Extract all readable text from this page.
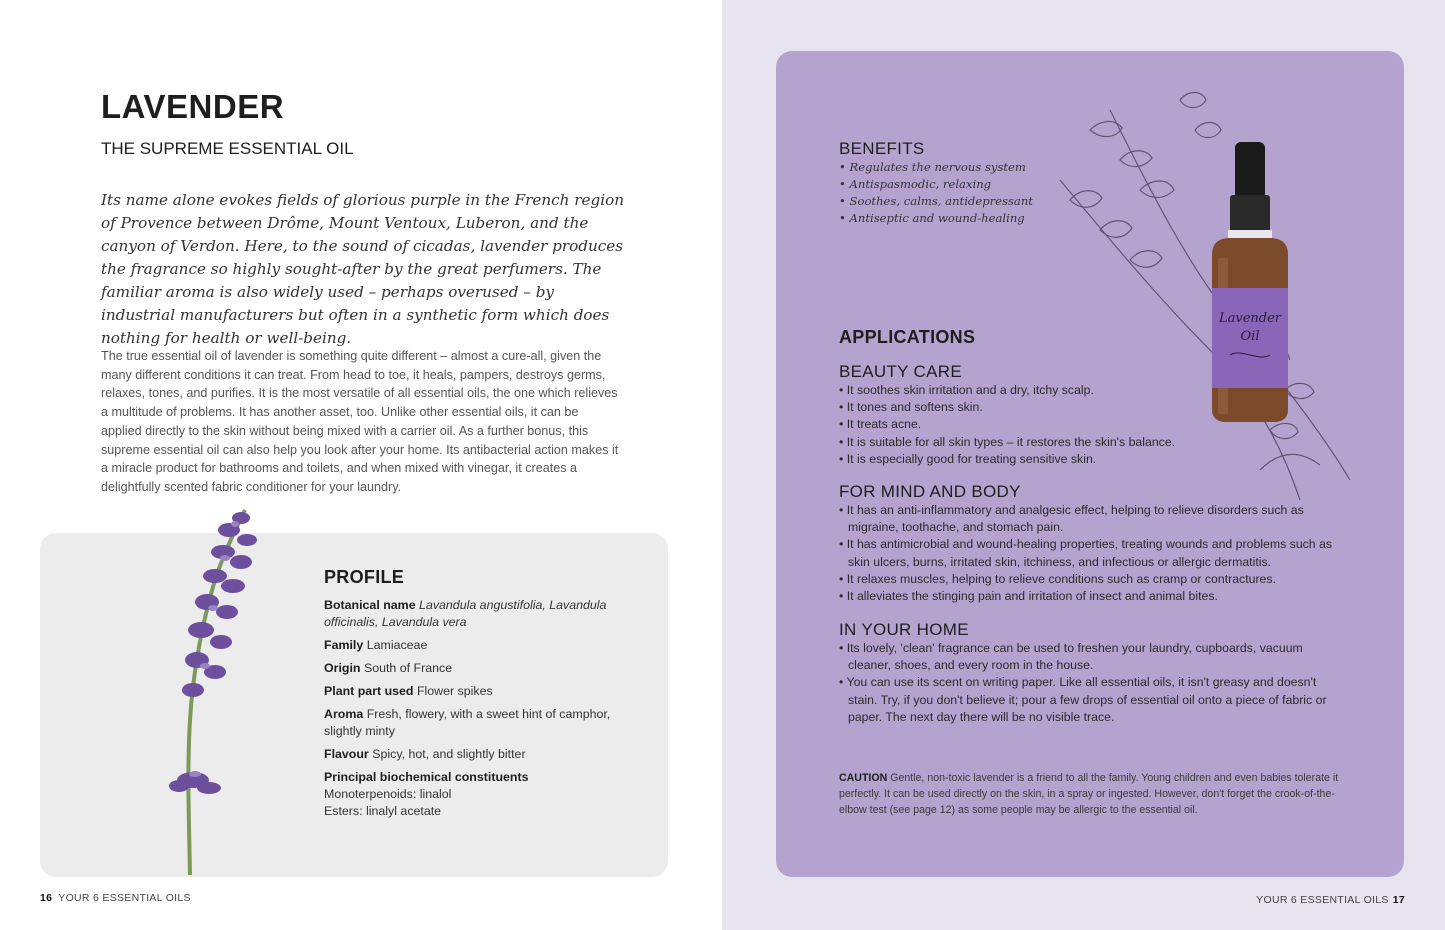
LAVENDER
THE SUPREME ESSENTIAL OIL
Its name alone evokes fields of glorious purple in the French region of Provence between Drôme, Mount Ventoux, Luberon, and the canyon of Verdon. Here, to the sound of cicadas, lavender produces the fragrance so highly sought-after by the great perfumers. The familiar aroma is also widely used – perhaps overused – by industrial manufacturers but often in a synthetic form which does nothing for health or well-being.
The true essential oil of lavender is something quite different – almost a cure-all, given the many different conditions it can treat. From head to toe, it heals, pampers, destroys germs, relaxes, tones, and purifies. It is the most versatile of all essential oils, the one which relieves a multitude of problems. It has another asset, too. Unlike other essential oils, it can be applied directly to the skin without being mixed with a carrier oil. As a further bonus, this supreme essential oil can also help you look after your home. Its antibacterial action makes it a miracle product for bathrooms and toilets, and when mixed with vinegar, it creates a delightfully scented fabric conditioner for your laundry.
PROFILE
Botanical name Lavandula angustifolia, Lavandula officinalis, Lavandula vera
Family Lamiaceae
Origin South of France
Plant part used Flower spikes
Aroma Fresh, flowery, with a sweet hint of camphor, slightly minty
Flavour Spicy, hot, and slightly bitter
Principal biochemical constituents
Monoterpenoids: linalol
Esters: linalyl acetate
16 YOUR 6 ESSENTIAL OILS
Lavender
Oil
BENEFITS
• Regulates the nervous system
• Antispasmodic, relaxing
• Soothes, calms, antidepressant
• Antiseptic and wound-healing
APPLICATIONS
BEAUTY CARE
• It soothes skin irritation and a dry, itchy scalp.
• It tones and softens skin.
• It treats acne.
• It is suitable for all skin types – it restores the skin's balance.
• It is especially good for treating sensitive skin.
FOR MIND AND BODY
• It has an anti-inflammatory and analgesic effect, helping to relieve disorders such as migraine, toothache, and stomach pain.
• It has antimicrobial and wound-healing properties, treating wounds and problems such as skin ulcers, burns, irritated skin, itchiness, and infectious or allergic dermatitis.
• It relaxes muscles, helping to relieve conditions such as cramp or contractures.
• It alleviates the stinging pain and irritation of insect and animal bites.
IN YOUR HOME
• Its lovely, 'clean' fragrance can be used to freshen your laundry, cupboards, vacuum cleaner, shoes, and every room in the house.
• You can use its scent on writing paper. Like all essential oils, it isn't greasy and doesn't stain. Try, if you don't believe it; pour a few drops of essential oil onto a piece of fabric or paper. The next day there will be no visible trace.
CAUTION Gentle, non-toxic lavender is a friend to all the family. Young children and even babies tolerate it perfectly. It can be used directly on the skin, in a spray or ingested. However, don't forget the crook-of-the-elbow test (see page 12) as some people may be allergic to the essential oil.
YOUR 6 ESSENTIAL OILS 17
